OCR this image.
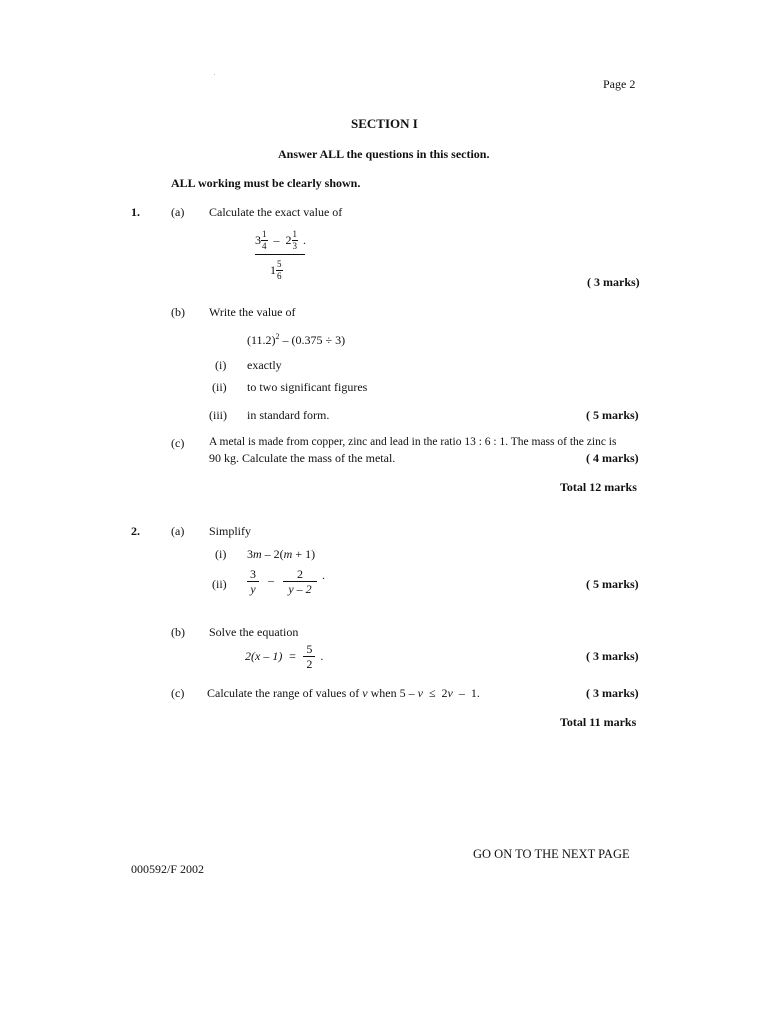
Page 2
SECTION I
Answer ALL the questions in this section.
ALL working must be clearly shown.
1.	(a) Calculate the exact value of
$3 \frac{1}{4} - 2 \frac{1}{3}$ .
$1 \frac{5}{6}$
( 3 marks)
(b) Write the value of
$(11.2)^2 - (0.375 \div 3)$
(i) exactly
(ii) to two significant figures
(iii) in standard form.	( 5 marks)
(c) A metal is made from copper, zinc and lead in the ratio 13 : 6 : 1. The mass of the zinc is
90 kg. Calculate the mass of the metal.	( 4 marks)
Total 12 marks
2.	(a) Simplify
(i) 3m – 2(m + 1)
$(ii) \frac{3}{y} - \frac{2}{y - 2}$ .
( 5 marks)
(b) Solve the equation
$2(x - 1) = \frac{5}{2}$ .	( 3 marks)
(c) Calculate the range of values of v when 5 – v  ≤  2v  –  1.	( 3 marks)
Total 11 marks
GO ON TO THE NEXT PAGE
000592/F 2002
